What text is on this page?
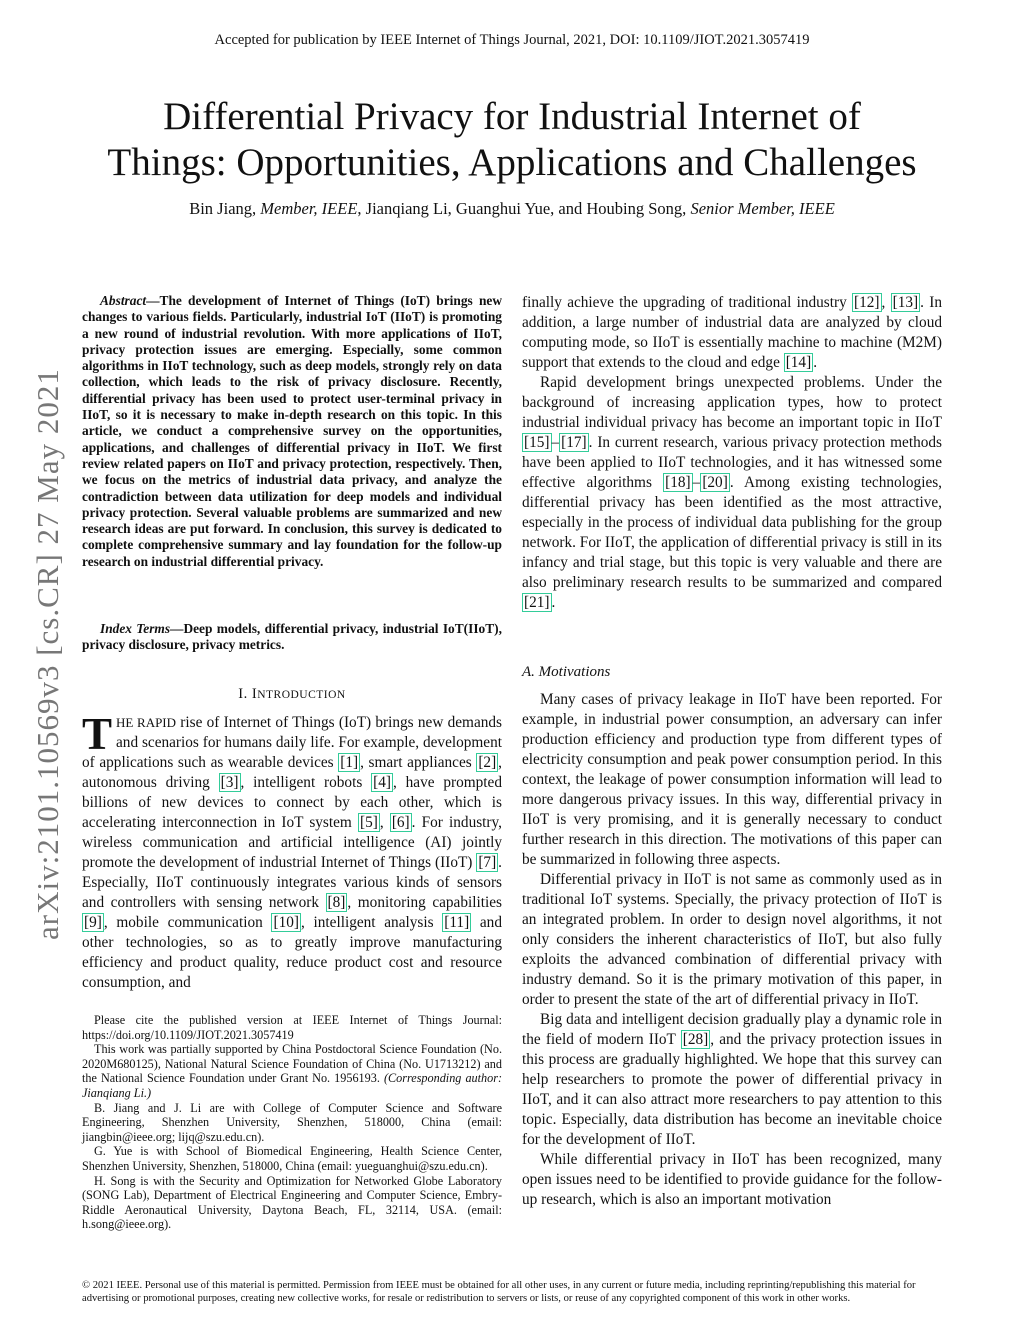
Accepted for publication by IEEE Internet of Things Journal, 2021, DOI: 10.1109/JIOT.2021.3057419
Differential Privacy for Industrial Internet of
Things: Opportunities, Applications and Challenges
Bin Jiang, Member, IEEE, Jianqiang Li, Guanghui Yue, and Houbing Song, Senior Member, IEEE
arXiv:2101.10569v3 [cs.CR] 27 May 2021
Abstract—The development of Internet of Things (IoT) brings new changes to various fields. Particularly, industrial IoT (IIoT) is promoting a new round of industrial revolution. With more applications of IIoT, privacy protection issues are emerging. Especially, some common algorithms in IIoT technology, such as deep models, strongly rely on data collection, which leads to the risk of privacy disclosure. Recently, differential privacy has been used to protect user-terminal privacy in IIoT, so it is necessary to make in-depth research on this topic. In this article, we conduct a comprehensive survey on the opportunities, applications, and challenges of differential privacy in IIoT. We first review related papers on IIoT and privacy protection, respectively. Then, we focus on the metrics of industrial data privacy, and analyze the contradiction between data utilization for deep models and individual privacy protection. Several valuable problems are summarized and new research ideas are put forward. In conclusion, this survey is dedicated to complete comprehensive summary and lay foundation for the follow-up research on industrial differential privacy.
Index Terms—Deep models, differential privacy, industrial IoT(IIoT), privacy disclosure, privacy metrics.
I. INTRODUCTION

THE RAPID rise of Internet of Things (IoT) brings new demands and scenarios for humans daily life. For example, development of applications such as wearable devices [1] , smart appliances [2] , autonomous driving [3] , intelligent robots [4] , have prompted billions of new devices to connect by each other, which is accelerating interconnection in IoT system [5] , [6] . For industry, wireless communication and artificial intelligence (AI) jointly promote the development of industrial Internet of Things (IIoT) [7] . Especially, IIoT continuously integrates various kinds of sensors and controllers with sensing network [8] , monitoring capabilities [9] , mobile communication [10] , intelligent analysis [11] and other technologies, so as to greatly improve manufacturing efficiency and product quality, reduce product cost and resource consumption, and

Please cite the published version at IEEE Internet of Things Journal: https://doi.org/10.1109/JIOT.2021.3057419

This work was partially supported by China Postdoctoral Science Foundation (No. 2020M680125), National Natural Science Foundation of China (No. U1713212) and the National Science Foundation under Grant No. 1956193. (Corresponding author: Jianqiang Li.)

B. Jiang and J. Li are with College of Computer Science and Software Engineering, Shenzhen University, Shenzhen, 518000, China (email: jiangbin@ieee.org; lijq@szu.edu.cn).

G. Yue is with School of Biomedical Engineering, Health Science Center, Shenzhen University, Shenzhen, 518000, China (email: yueguanghui@szu.edu.cn).

H. Song is with the Security and Optimization for Networked Globe Laboratory (SONG Lab), Department of Electrical Engineering and Computer Science, Embry-Riddle Aeronautical University, Daytona Beach, FL, 32114, USA. (email: h.song@ieee.org).

finally achieve the upgrading of traditional industry [12] , [13] . In addition, a large number of industrial data are analyzed by cloud computing mode, so IIoT is essentially machine to machine (M2M) support that extends to the cloud and edge [14] .

Rapid development brings unexpected problems. Under the background of increasing application types, how to protect industrial individual privacy has become an important topic in IIoT [15] – [17] . In current research, various privacy protection methods have been applied to IIoT technologies, and it has witnessed some effective algorithms [18] – [20] . Among existing technologies, differential privacy has been identified as the most attractive, especially in the process of individual data publishing for the group network. For IIoT, the application of differential privacy is still in its infancy and trial stage, but this topic is very valuable and there are also preliminary research results to be summarized and compared [21] .

A. Motivations

Many cases of privacy leakage in IIoT have been reported. For example, in industrial power consumption, an adversary can infer production efficiency and production type from different types of electricity consumption and peak power consumption period. In this context, the leakage of power consumption information will lead to more dangerous privacy issues. In this way, differential privacy in IIoT is very promising, and it is generally necessary to conduct further research in this direction. The motivations of this paper can be summarized in following three aspects.

Differential privacy in IIoT is not same as commonly used as in traditional IoT systems. Specially, the privacy protection of IIoT is an integrated problem. In order to design novel algorithms, it not only considers the inherent characteristics of IIoT, but also fully exploits the advanced combination of differential privacy with industry demand. So it is the primary motivation of this paper, in order to present the state of the art of differential privacy in IIoT.

Big data and intelligent decision gradually play a dynamic role in the field of modern IIoT [28] , and the privacy protection issues in this process are gradually highlighted. We hope that this survey can help researchers to promote the power of differential privacy in IIoT, and it can also attract more researchers to pay attention to this topic. Especially, data distribution has become an inevitable choice for the development of IIoT.

While differential privacy in IIoT has been recognized, many open issues need to be identified to provide guidance for the follow-up research, which is also an important motivation

© 2021 IEEE. Personal use of this material is permitted. Permission from IEEE must be obtained for all other uses, in any current or future media, including reprinting/republishing this material for advertising or promotional purposes, creating new collective works, for resale or redistribution to servers or lists, or reuse of any copyrighted component of this work in other works.
